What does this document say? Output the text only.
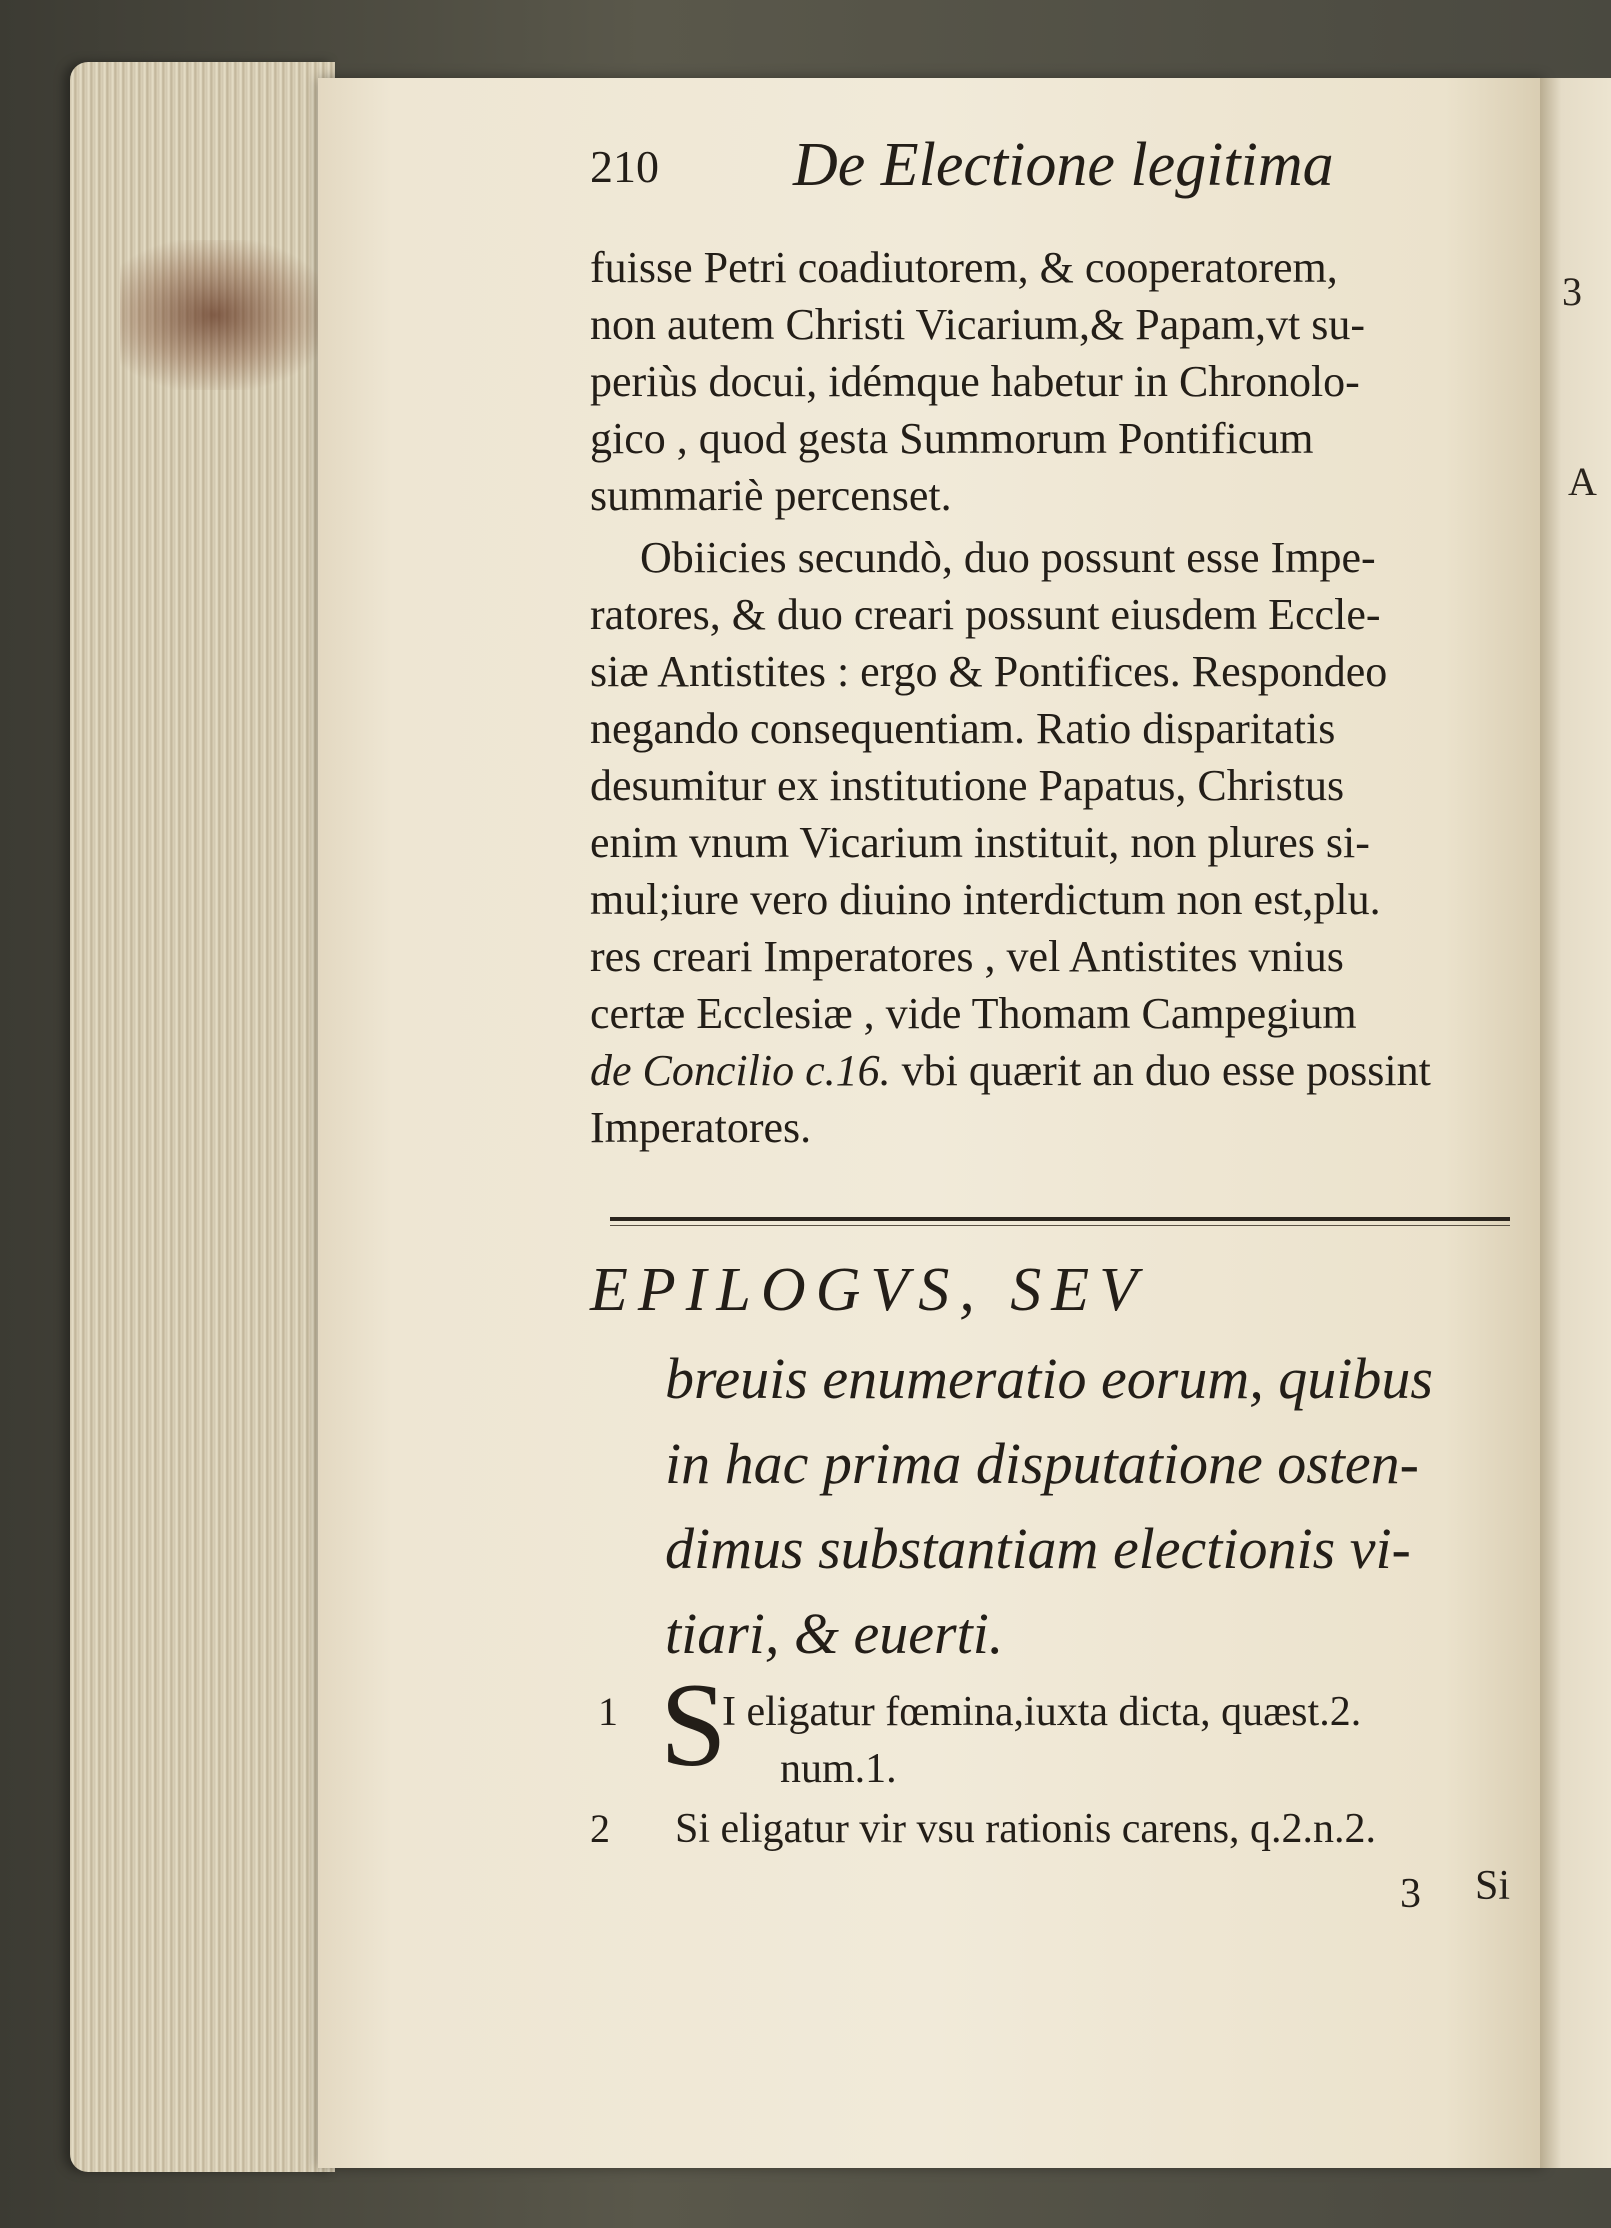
3
A
210 De Electione legitima
fuisse Petri coadiutorem, & cooperatorem,
non autem Christi Vicarium,& Papam,vt su-
periùs docui, idémque habetur in Chronolo-
gico , quod gesta Summorum Pontificum
summariè percenset.
Obiicies secundò, duo possunt esse Impe-
ratores, & duo creari possunt eiusdem Eccle-
siæ Antistites : ergo & Pontifices. Respondeo
negando consequentiam. Ratio disparitatis
desumitur ex institutione Papatus, Christus
enim vnum Vicarium instituit, non plures si-
mul;iure vero diuino interdictum non est,plu.
res creari Imperatores , vel Antistites vnius
certæ Ecclesiæ , vide Thomam Campegium
de Concilio c.16. vbi quærit an duo esse possint
Imperatores.
EPILOGVS, SEV
breuis enumeratio eorum, quibus
in hac prima disputatione osten-
dimus substantiam electionis vi-
tiari, & euerti.
1 S
I eligatur fœmina,iuxta dicta, quæst.2.
num.1.
2 Si eligatur vir vsu rationis carens, q.2.n.2.
3 Si
